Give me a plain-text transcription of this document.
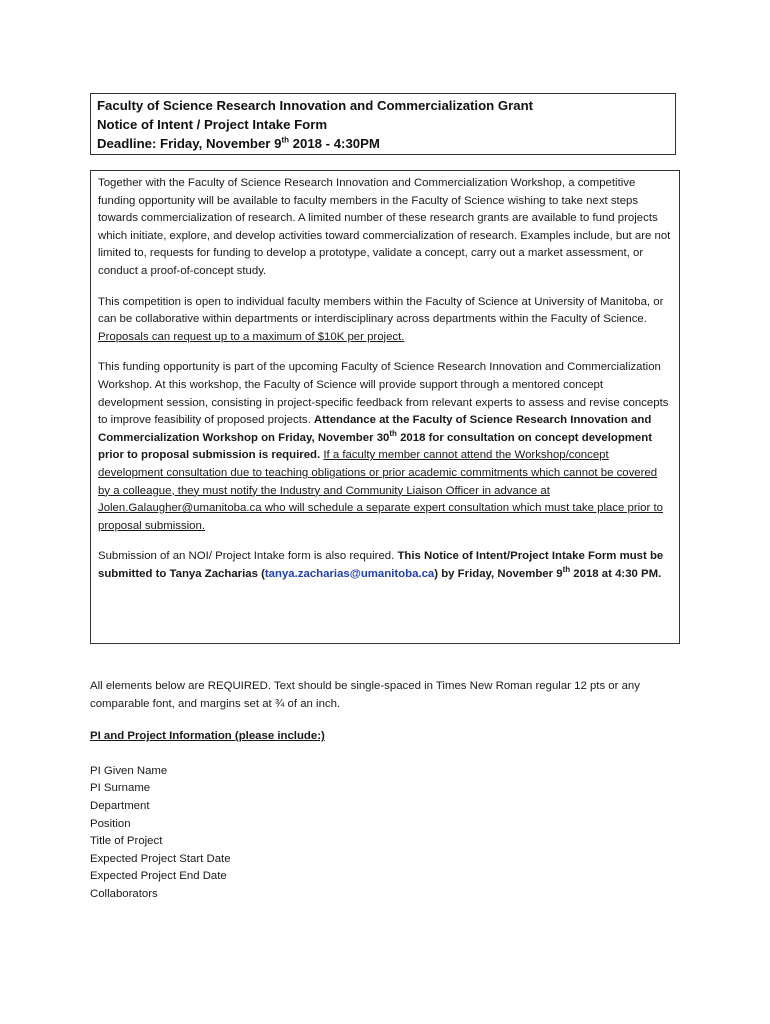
Faculty of Science Research Innovation and Commercialization Grant
Notice of Intent / Project Intake Form
Deadline: Friday, November 9th 2018 - 4:30PM

Together with the Faculty of Science Research Innovation and Commercialization Workshop, a competitive funding opportunity will be available to faculty members in the Faculty of Science wishing to take next steps towards commercialization of research. A limited number of these research grants are available to fund projects which initiate, explore, and develop activities toward commercialization of research. Examples include, but are not limited to, requests for funding to develop a prototype, validate a concept, carry out a market assessment, or conduct a proof-of-concept study.

This competition is open to individual faculty members within the Faculty of Science at University of Manitoba, or can be collaborative within departments or interdisciplinary across departments within the Faculty of Science. Proposals can request up to a maximum of $10K per project.

This funding opportunity is part of the upcoming Faculty of Science Research Innovation and Commercialization Workshop. At this workshop, the Faculty of Science will provide support through a mentored concept development session, consisting in project-specific feedback from relevant experts to assess and revise concepts to improve feasibility of proposed projects. Attendance at the Faculty of Science Research Innovation and Commercialization Workshop on Friday, November 30th 2018 for consultation on concept development prior to proposal submission is required. If a faculty member cannot attend the Workshop/concept development consultation due to teaching obligations or prior academic commitments which cannot be covered by a colleague, they must notify the Industry and Community Liaison Officer in advance at Jolen.Galaugher@umanitoba.ca who will schedule a separate expert consultation which must take place prior to proposal submission.

Submission of an NOI/ Project Intake form is also required. This Notice of Intent/Project Intake Form must be submitted to Tanya Zacharias (tanya.zacharias@umanitoba.ca) by Friday, November 9th 2018 at 4:30 PM.

All elements below are REQUIRED. Text should be single-spaced in Times New Roman regular 12 pts or any comparable font, and margins set at ¾ of an inch.

PI and Project Information (please include:)

PI Given Name
PI Surname
Department
Position
Title of Project
Expected Project Start Date
Expected Project End Date
Collaborators
